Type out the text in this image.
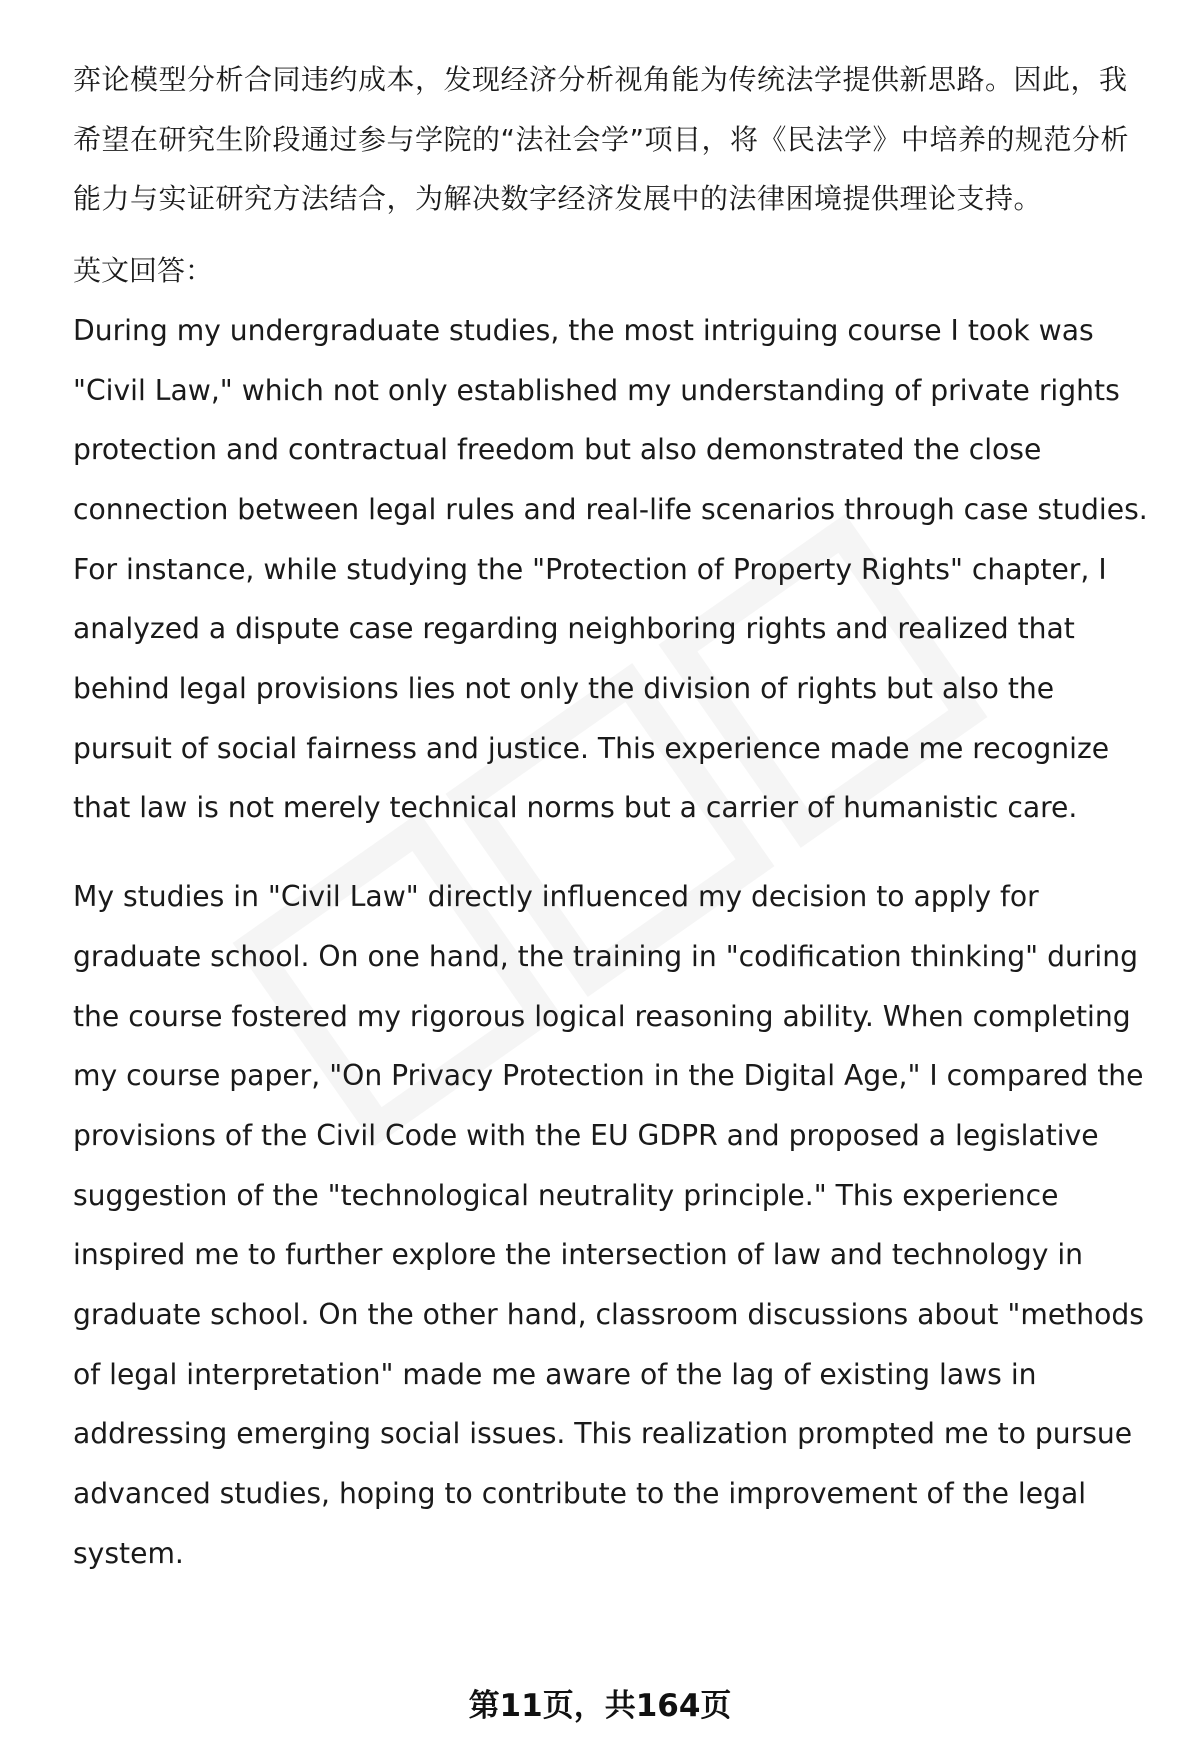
弈论模型分析合同违约成本，发现经济分析视角能为传统法学提供新思路。因此，我希望在研究生阶段通过参与学院的“法社会学”项目，将《民法学》中培养的规范分析能力与实证研究方法结合，为解决数字经济发展中的法律困境提供理论支持。

英文回答：

During my undergraduate studies, the most intriguing course I took was "Civil Law," which not only established my understanding of private rights protection and contractual freedom but also demonstrated the close connection between legal rules and real-life scenarios through case studies. For instance, while studying the "Protection of Property Rights" chapter, I analyzed a dispute case regarding neighboring rights and realized that behind legal provisions lies not only the division of rights but also the pursuit of social fairness and justice. This experience made me recognize that law is not merely technical norms but a carrier of humanistic care.

My studies in "Civil Law" directly influenced my decision to apply for graduate school. On one hand, the training in "codification thinking" during the course fostered my rigorous logical reasoning ability. When completing my course paper, "On Privacy Protection in the Digital Age," I compared the provisions of the Civil Code with the EU GDPR and proposed a legislative suggestion of the "technological neutrality principle." This experience inspired me to further explore the intersection of law and technology in graduate school. On the other hand, classroom discussions about "methods of legal interpretation" made me aware of the lag of existing laws in addressing emerging social issues. This realization prompted me to pursue advanced studies, hoping to contribute to the improvement of the legal system.

第11页，共164页
